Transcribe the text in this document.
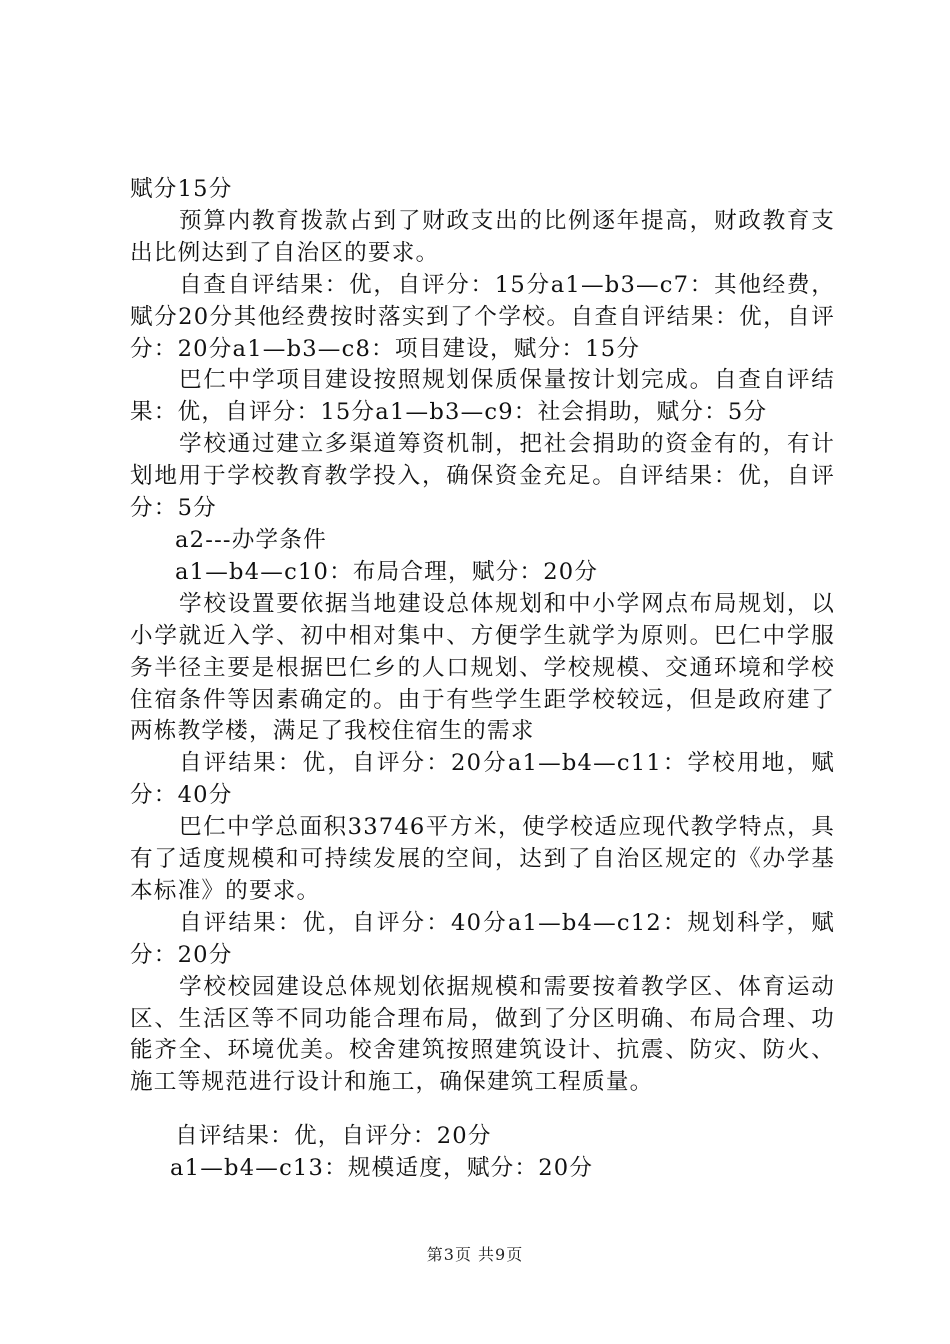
赋分15分

预算内教育拨款占到了财政支出的比例逐年提高，财政教育支出比例达到了自治区的要求。

自查自评结果：优，自评分：15分a1—b3—c7：其他经费，赋分20分其他经费按时落实到了个学校。自查自评结果：优，自评分：20分a1—b3—c8：项目建设，赋分：15分

巴仁中学项目建设按照规划保质保量按计划完成。自查自评结果：优，自评分：15分a1—b3—c9：社会捐助，赋分：5分

学校通过建立多渠道筹资机制，把社会捐助的资金有的，有计划地用于学校教育教学投入，确保资金充足。自评结果：优，自评分：5分

a2---办学条件

a1—b4—c10：布局合理，赋分：20分

学校设置要依据当地建设总体规划和中小学网点布局规划，以小学就近入学、初中相对集中、方便学生就学为原则。巴仁中学服务半径主要是根据巴仁乡的人口规划、学校规模、交通环境和学校住宿条件等因素确定的。由于有些学生距学校较远，但是政府建了两栋教学楼，满足了我校住宿生的需求

自评结果：优，自评分：20分a1—b4—c11：学校用地，赋分：40分

巴仁中学总面积33746平方米，使学校适应现代教学特点，具有了适度规模和可持续发展的空间，达到了自治区规定的《办学基本标准》的要求。

自评结果：优，自评分：40分a1—b4—c12：规划科学，赋分：20分

学校校园建设总体规划依据规模和需要按着教学区、体育运动区、生活区等不同功能合理布局，做到了分区明确、布局合理、功能齐全、环境优美。校舍建筑按照建筑设计、抗震、防灾、防火、施工等规范进行设计和施工，确保建筑工程质量。

自评结果：优，自评分：20分

a1—b4—c13：规模适度，赋分：20分

第3页 共9页
